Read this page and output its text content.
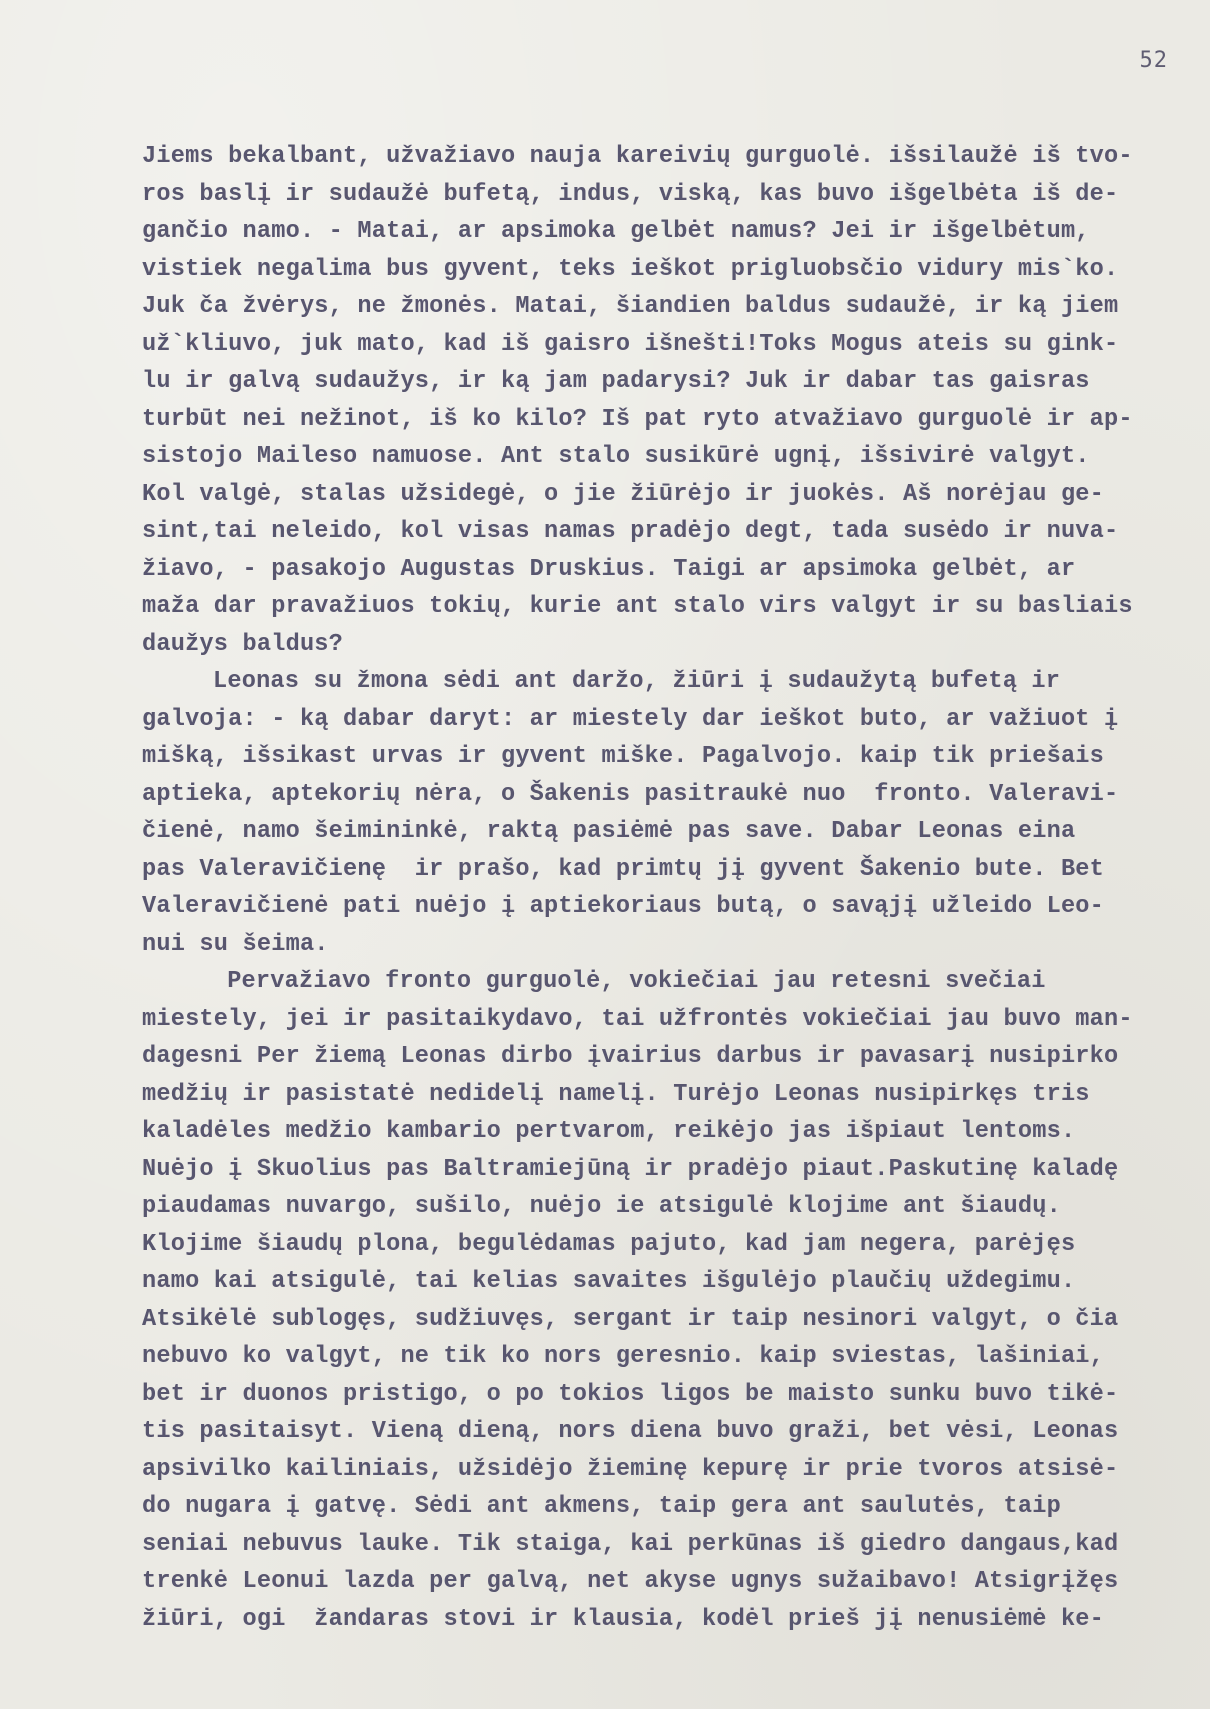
52
Jiems bekalbant, užvažiavo nauja kareivių gurguolė. išsilaužė iš tvo-
ros baslį ir sudaužė bufetą, indus, viską, kas buvo išgelbėta iš de-
gančio namo. - Matai, ar apsimoka gelbėt namus? Jei ir išgelbėtum,
vistiek negalima bus gyvent, teks ieškot prigluobsčio vidury mis`ko.
Juk ča žvėrys, ne žmonės. Matai, šiandien baldus sudaužė, ir ką jiem
už`kliuvo, juk mato, kad iš gaisro išnešti!Toks Mogus ateis su gink-
lu ir galvą sudaužys, ir ką jam padarysi? Juk ir dabar tas gaisras
turbūt nei nežinot, iš ko kilo? Iš pat ryto atvažiavo gurguolė ir ap-
sistojo Maileso namuose. Ant stalo susikūrė ugnį, išsivirė valgyt.
Kol valgė, stalas užsidegė, o jie žiūrėjo ir juokės. Aš norėjau ge-
sint,tai neleido, kol visas namas pradėjo degt, tada susėdo ir nuva-
žiavo, - pasakojo Augustas Druskius. Taigi ar apsimoka gelbėt, ar
maža dar pravažiuos tokių, kurie ant stalo virs valgyt ir su basliais
daužys baldus?
Leonas su žmona sėdi ant daržo, žiūri į sudaužytą bufetą ir
galvoja: - ką dabar daryt: ar miestely dar ieškot buto, ar važiuot į
mišką, išsikast urvas ir gyvent miške. Pagalvojo. kaip tik priešais
aptieka, aptekorių nėra, o Šakenis pasitraukė nuo  fronto. Valeravi-
čienė, namo šeimininkė, raktą pasiėmė pas save. Dabar Leonas eina
pas Valeravičienę  ir prašo, kad primtų jį gyvent Šakenio bute. Bet
Valeravičienė pati nuėjo į aptiekoriaus butą, o savąjį užleido Leo-
nui su šeima.
Pervažiavo fronto gurguolė, vokiečiai jau retesni svečiai
miestely, jei ir pasitaikydavo, tai užfrontės vokiečiai jau buvo man-
dagesni Per žiemą Leonas dirbo įvairius darbus ir pavasarį nusipirko
medžių ir pasistatė nedidelį namelį. Turėjo Leonas nusipirkęs tris
kaladėles medžio kambario pertvarom, reikėjo jas išpiaut lentoms.
Nuėjo į Skuolius pas Baltramiejūną ir pradėjo piaut.Paskutinę kaladę
piaudamas nuvargo, sušilo, nuėjo ie atsigulė klojime ant šiaudų.
Klojime šiaudų plona, begulėdamas pajuto, kad jam negera, parėjęs
namo kai atsigulė, tai kelias savaites išgulėjo plaučių uždegimu.
Atsikėlė sublogęs, sudžiuvęs, sergant ir taip nesinori valgyt, o čia
nebuvo ko valgyt, ne tik ko nors geresnio. kaip sviestas, lašiniai,
bet ir duonos pristigo, o po tokios ligos be maisto sunku buvo tikė-
tis pasitaisyt. Vieną dieną, nors diena buvo graži, bet vėsi, Leonas
apsivilko kailiniais, užsidėjo žieminę kepurę ir prie tvoros atsisė-
do nugara į gatvę. Sėdi ant akmens, taip gera ant saulutės, taip
seniai nebuvus lauke. Tik staiga, kai perkūnas iš giedro dangaus,kad
trenkė Leonui lazda per galvą, net akyse ugnys sužaibavo! Atsigrįžęs
žiūri, ogi  žandaras stovi ir klausia, kodėl prieš jį nenusiėmė ke-
